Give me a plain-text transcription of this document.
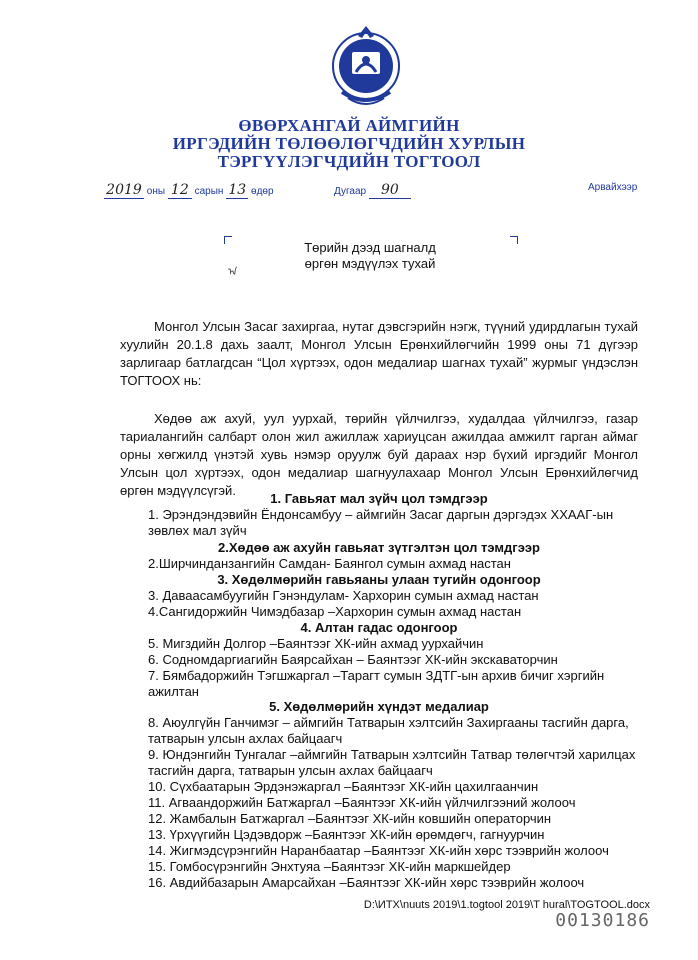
ӨВӨРХАНГАЙ АЙМГИЙН
ИРГЭДИЙН ТӨЛӨӨЛӨГЧДИЙН ХУРЛЫН
ТЭРГҮҮЛЭГЧДИЙН ТОГТООЛ
2019 оны 12 сарын 13 өдөр	Дугаар 90	Арвайхээр
Төрийн дээд шагналд
өргөн мэдүүлэх тухай
ᠠ
Монгол Улсын Засаг захиргаа, нутаг дэвсгэрийн нэгж, түүний удирдлагын тухай хуулийн 20.1.8 дахь заалт, Монгол Улсын Ерөнхийлөгчийн 1999 оны 71 дүгээр зарлигаар батлагдсан “Цол хүртээх, одон медалиар шагнах тухай” журмыг үндэслэн ТОГТООХ нь:
Хөдөө аж ахуй, уул уурхай, төрийн үйлчилгээ, худалдаа үйлчилгээ, газар тариалангийн салбарт олон жил ажиллаж хариуцсан ажилдаа амжилт гарган аймаг орны хөгжилд үнэтэй хувь нэмэр оруулж буй дараах нэр бүхий иргэдийг Монгол Улсын цол хүртээх, одон медалиар шагнуулахаар Монгол Улсын Ерөнхийлөгчид өргөн мэдүүлсүгэй.
1. Гавьяат мал зүйч цол тэмдгээр
1. Эрэндэндэвийн Ёндонсамбуу – аймгийн Засаг даргын дэргэдэх ХХААГ-ын зөвлөх мал зүйч
2.Хөдөө аж ахуйн гавьяат зүтгэлтэн цол тэмдгээр
2.Ширчинданзангийн Самдан- Баянгол сумын ахмад настан
3. Хөдөлмөрийн гавьяаны улаан тугийн одонгоор
3. Даваасамбуугийн Гэнэндулам- Хархорин сумын ахмад настан
4.Сангидоржийн Чимэдбазар –Хархорин сумын ахмад настан
4. Алтан гадас одонгоор
5. Мигздийн Долгор –Баянтээг ХК-ийн ахмад уурхайчин
6. Содномдаргиагийн Баярсайхан – Баянтээг ХК-ийн экскаваторчин
7. Бямбадоржийн Тэгшжаргал –Тарагт сумын ЗДТГ-ын архив бичиг хэргийн ажилтан
5. Хөдөлмөрийн хүндэт медалиар
8. Аюулгүйн Ганчимэг – аймгийн Татварын хэлтсийн Захиргааны тасгийн дарга, татварын улсын ахлах байцаагч
9. Юндэнгийн Тунгалаг –аймгийн Татварын хэлтсийн Татвар төлөгчтэй харилцах тасгийн дарга, татварын улсын ахлах байцаагч
10. Сүхбаатарын Эрдэнэжаргал –Баянтээг ХК-ийн цахилгаанчин
11. Агваандоржийн Батжаргал –Баянтээг ХК-ийн үйлчилгээний жолооч
12. Жамбалын Батжаргал –Баянтээг ХК-ийн ковшийн операторчин
13. Үрхүүгийн Цэдэвдорж –Баянтээг ХК-ийн өрөмдөгч, гагнуурчин
14. Жигмэдсүрэнгийн Наранбаатар –Баянтээг ХК-ийн хөрс тээврийн жолооч
15. Гомбосүрэнгийн Энхтуяа –Баянтээг ХК-ийн маркшейдер
16. Авдийбазарын Амарсайхан –Баянтээг ХК-ийн хөрс тээврийн жолооч
D:\ИТХ\nuuts 2019\1.togtool 2019\T hural\TOGTOOL.docx
00130186
